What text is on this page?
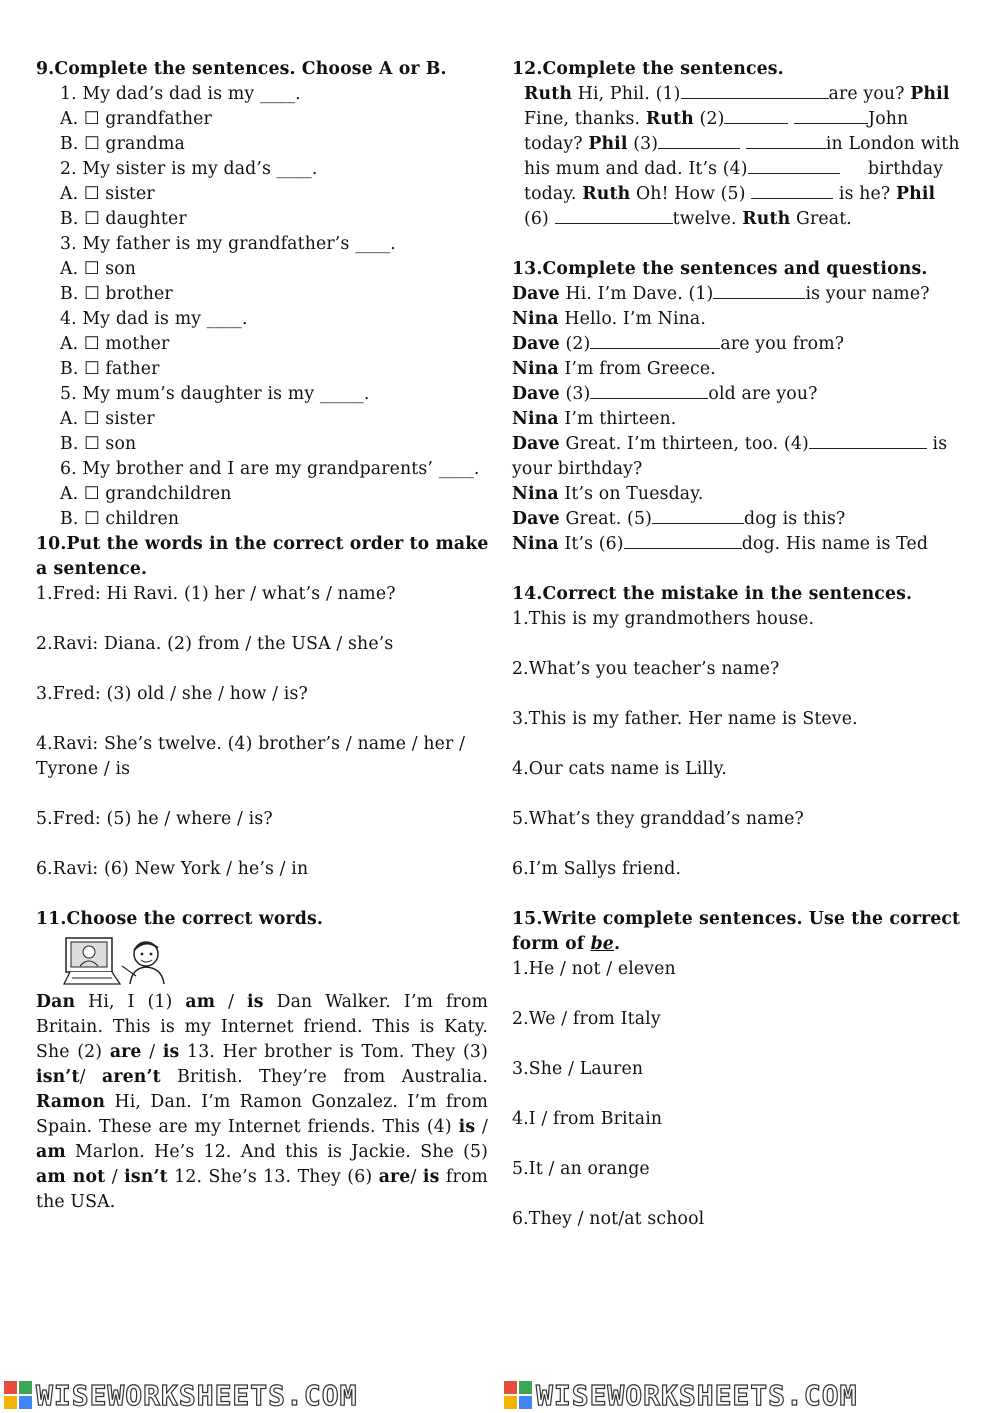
9.Complete the sentences. Choose A or B.
1. My dad’s dad is my ____.
A. ☐ grandfather
B. ☐ grandma
2. My sister is my dad’s ____.
A. ☐ sister
B. ☐ daughter
3. My father is my grandfather’s ____.
A. ☐ son
B. ☐ brother
4. My dad is my ____.
A. ☐ mother
B. ☐ father
5. My mum’s daughter is my _____.
A. ☐ sister
B. ☐ son
6. My brother and I are my grandparents’ ____.
A. ☐ grandchildren
B. ☐ children
10.Put the words in the correct order to make
a sentence.
1.Fred: Hi Ravi. (1) her / what’s / name?
2.Ravi: Diana. (2) from / the USA / she’s
3.Fred: (3) old / she / how / is?
4.Ravi: She’s twelve. (4) brother’s / name / her /
Tyrone / is
5.Fred: (5) he / where / is?
6.Ravi: (6) New York / he’s / in
11.Choose the correct words.
Dan Hi, I (1) am / is Dan Walker. I’m from
Britain. This is my Internet friend. This is Katy.
She (2) are / is 13. Her brother is Tom. They (3)
isn’t/ aren’t British. They’re from Australia.
Ramon Hi, Dan. I’m Ramon Gonzalez. I’m from
Spain. These are my Internet friends. This (4) is /
am Marlon. He’s 12. And this is Jackie. She (5)
am not / isn’t 12. She’s 13. They (6) are/ is from
the USA.
12.Complete the sentences.
Ruth Hi, Phil. (1)	are you? Phil
Fine, thanks. Ruth (2)	John
today? Phil (3)	in London with
his mum and dad. It’s (4)	birthday
today. Ruth Oh! How (5)	is he? Phil
(6)	twelve. Ruth Great.
13.Complete the sentences and questions.
Dave Hi. I’m Dave. (1)	is your name?
Nina Hello. I’m Nina.
Dave (2)	are you from?
Nina I’m from Greece.
Dave (3)	old are you?
Nina I’m thirteen.
Dave Great. I’m thirteen, too. (4)	is
your birthday?
Nina It’s on Tuesday.
Dave Great. (5)	dog is this?
Nina It’s (6)	dog. His name is Ted
14.Correct the mistake in the sentences.
1.This is my grandmothers house.
2.What’s you teacher’s name?
3.This is my father. Her name is Steve.
4.Our cats name is Lilly.
5.What’s they granddad’s name?
6.I’m Sallys friend.
15.Write complete sentences. Use the correct
form of be.
1.He / not / eleven
2.We / from Italy
3.She / Lauren
4.I / from Britain
5.It / an orange
6.They / not/at school
WISEWORKSHEETS.COM	WISEWORKSHEETS.COM
